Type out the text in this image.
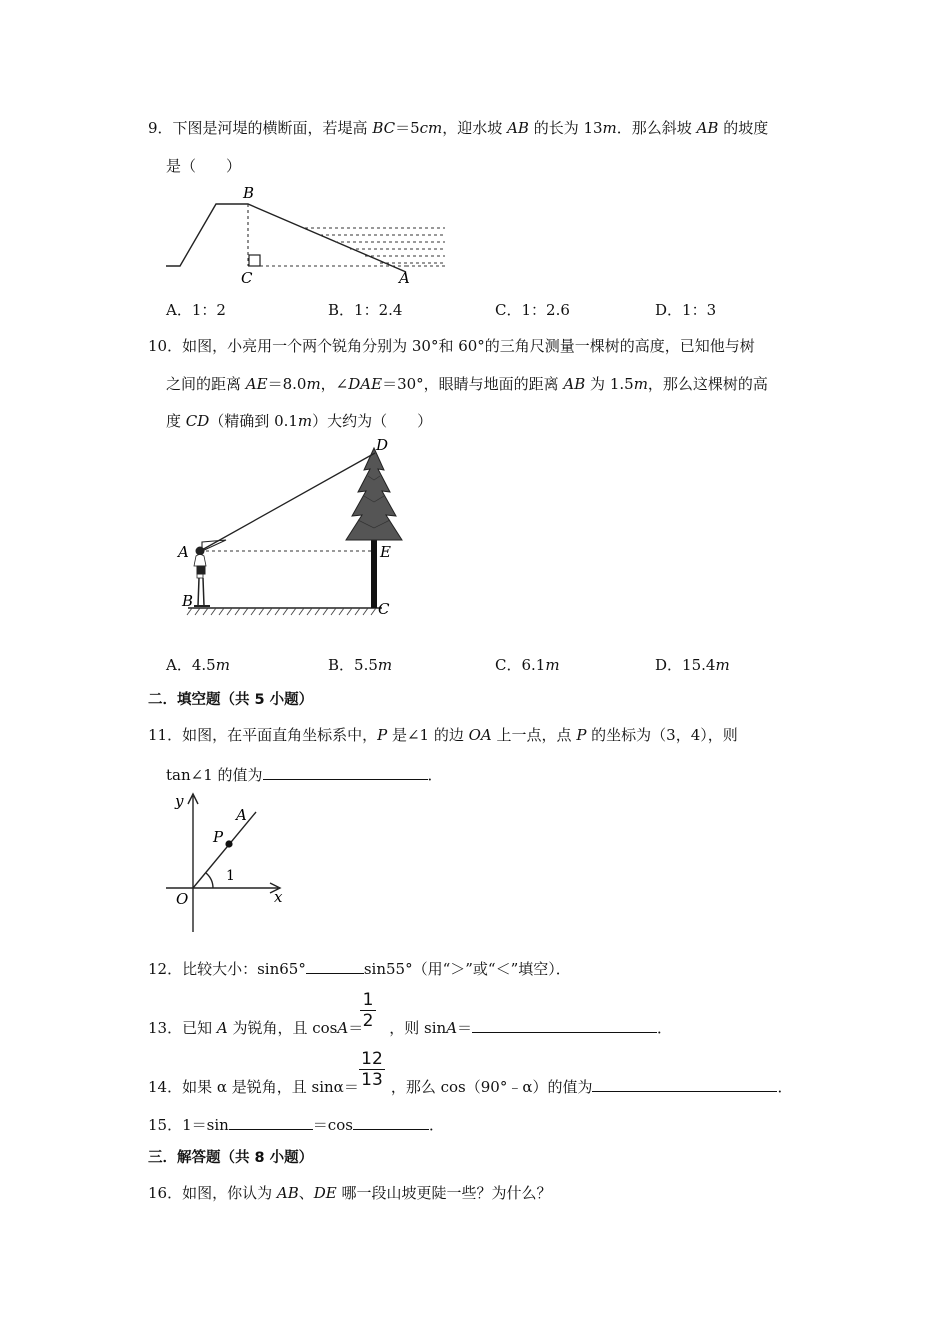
9．下图是河堤的横断面，若堤高 BC＝5cm，迎水坡 AB 的长为 13m．那么斜坡 AB 的坡度
是（　　）
B
C	A
A．1：2	B．1：2.4	C．1：2.6	D．1：3
10．如图，小亮用一个两个锐角分别为 30°和 60°的三角尺测量一棵树的高度，已知他与树
之间的距离 AE＝8.0m，∠DAE＝30°，眼睛与地面的距离 AB 为 1.5m，那么这棵树的高
度 CD（精确到 0.1m）大约为（　　）
D
A	E
B	C
A．4.5m	B．5.5m	C．6.1m	D．15.4m
二．填空题（共 5 小题）
11．如图，在平面直角坐标系中，P 是∠1 的边 OA 上一点，点 P 的坐标为（3，4），则
tan∠1 的值为	．
y
x
O
A
P
1
12．比较大小：sin65°	sin55°（用“＞”或“＜”填空）．
1
2
13．已知 A 为锐角，且 cosA＝ ，则 sinA＝	．
12
13
14．如果 α 是锐角，且 sinα＝ ，那么 cos（90°﹣α）的值为	．
15．1＝sin	＝cos	．
三．解答题（共 8 小题）
16．如图，你认为 AB、DE 哪一段山坡更陡一些？为什么？
